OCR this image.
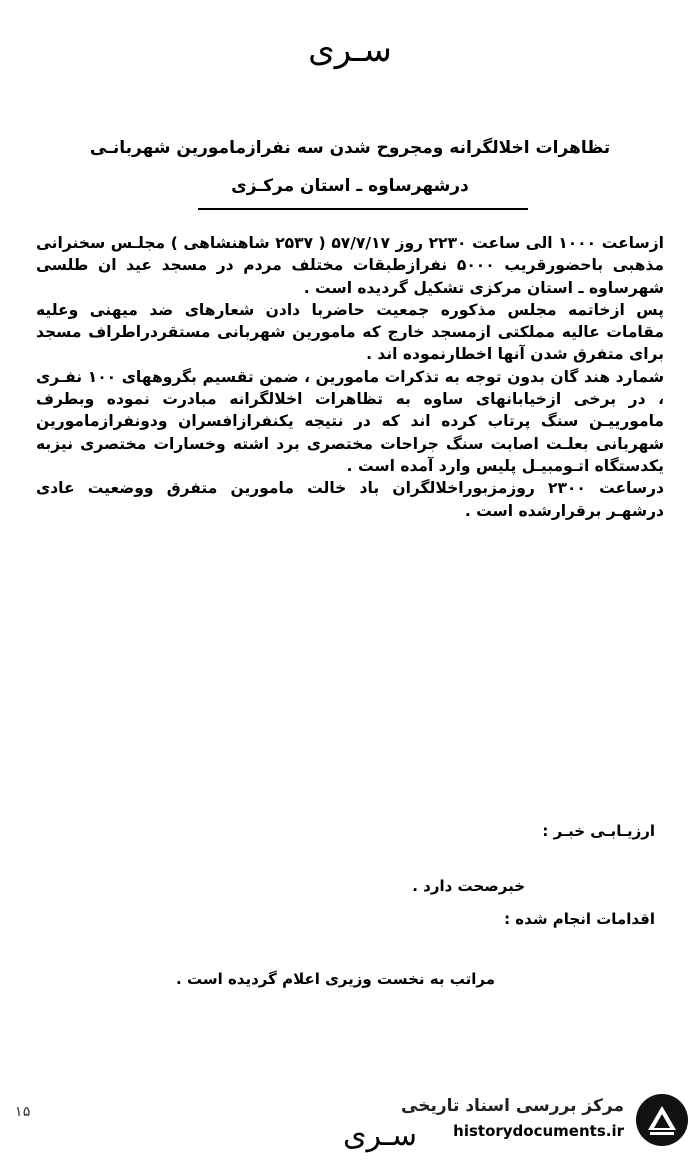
سـری
تظاهرات اخلالگرانه ومجروح شدن سه نفرازمامورین شهربانـی
درشهرساوه ـ استان مرکـزی

ازساعت ۱۰۰۰ الی ساعت ۲۲۳۰ روز ۵۷/۷/۱۷ ( ۲۵۳۷ شاهنشاهی ) مجلـس سخنرانی مذهبی باحضورقریب ۵۰۰۰ نفرازطبقات مختلف مردم در مسجد عید ان طلسی شهرساوه ـ استان مرکزی تشکیل گردیده است .

پس ازخاتمه مجلس مذکوره جمعیت حاضربا دادن شعارهای ضد میهنی وعلیه مقامات عالیه مملکتی ازمسجد خارج که مامورین شهربانی مستقردراطراف مسجد برای متفرق شدن آنها اخطارنموده اند .

شمارد هند گان بدون توجه به تذکرات مامورین ، ضمن تقسیم بگروههای ۱۰۰ نفـری ، در برخی ازخیابانهای ساوه به تظاهرات اخلالگرانه مبادرت نموده وبطرف مامورییـن سنگ پرتاب کرده اند که در نتیجه یکنفرازافسران ودونفرازمامورین شهربانی بعلـت اصابت سنگ جراحات مختصری برد اشته وخسارات مختصری نیزبه یکدستگاه اتـومبیـل پلیس وارد آمده است .

درساعت ۲۳۰۰ روزمزبوراخلالگران باد خالت مامورین متفرق ووضعیت عادی درشهـر برقرارشده است .

ارزیـابـی خبـر :
خبرصحت دارد .
اقدامات انجام شده :
مراتب به نخست وزیری اعلام گردیده است .
۱۵	مرکز بررسی اسناد تاریخی
historydocuments.ir
سـری
